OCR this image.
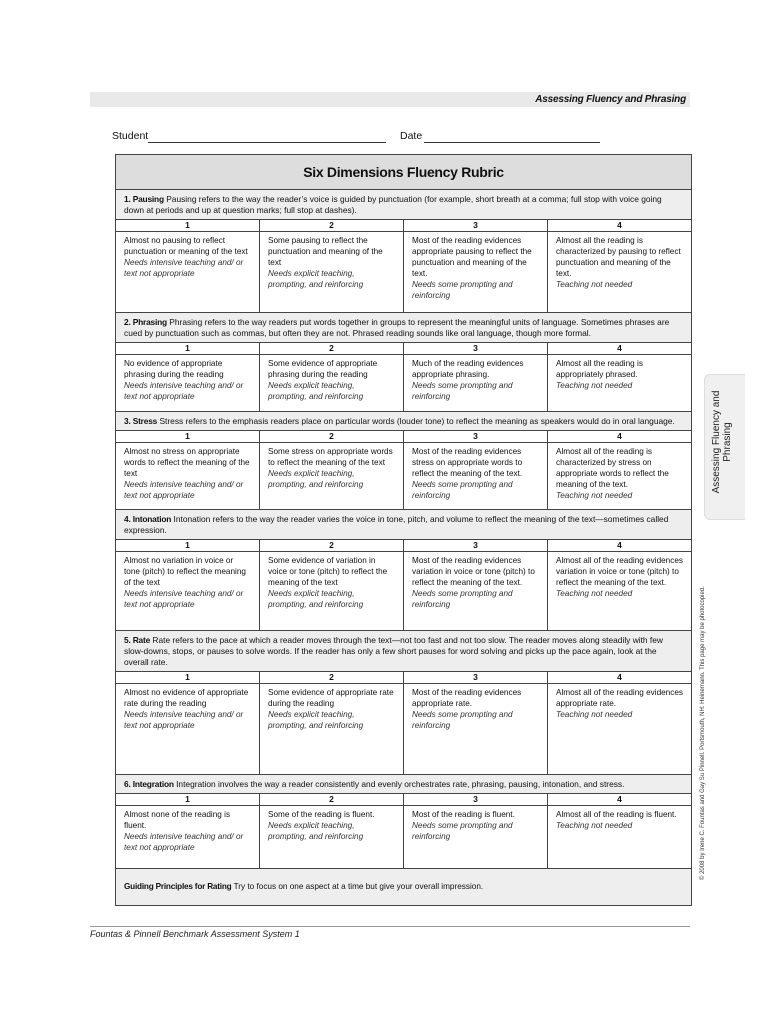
Assessing Fluency and Phrasing
Student	Date
Six Dimensions Fluency Rubric
1. Pausing Pausing refers to the way the reader’s voice is guided by punctuation (for example, short breath at a comma; full stop with voice going down at periods and up at question marks; full stop at dashes).
1
Almost no pausing to reflect punctuation or meaning of the text
Needs intensive teaching and/ or text not appropriate
2
Some pausing to reflect the punctuation and meaning of the text
Needs explicit teaching, prompting, and reinforcing
3
Most of the reading evidences appropriate pausing to reflect the punctuation and meaning of the text.
Needs some prompting and reinforcing
4
Almost all the reading is characterized by pausing to reflect punctuation and meaning of the text.
Teaching not needed
2. Phrasing Phrasing refers to the way readers put words together in groups to represent the meaningful units of language. Sometimes phrases are cued by punctuation such as commas, but often they are not. Phrased reading sounds like oral language, though more formal.
1
No evidence of appropriate phrasing during the reading
Needs intensive teaching and/ or text not appropriate
2
Some evidence of appropriate phrasing during the reading
Needs explicit teaching, prompting, and reinforcing
3
Much of the reading evidences appropriate phrasing.
Needs some prompting and reinforcing
4
Almost all the reading is appropriately phrased.
Teaching not needed
3. Stress Stress refers to the emphasis readers place on particular words (louder tone) to reflect the meaning as speakers would do in oral language.
1
Almost no stress on appropriate words to reflect the meaning of the text
Needs intensive teaching and/ or text not appropriate
2
Some stress on appropriate words to reflect the meaning of the text
Needs explicit teaching, prompting, and reinforcing
3
Most of the reading evidences stress on appropriate words to reflect the meaning of the text.
Needs some prompting and reinforcing
4
Almost all of the reading is characterized by stress on appropriate words to reflect the meaning of the text.
Teaching not needed
4. Intonation Intonation refers to the way the reader varies the voice in tone, pitch, and volume to reflect the meaning of the text—sometimes called expression.
1
Almost no variation in voice or tone (pitch) to reflect the meaning of the text
Needs intensive teaching and/ or text not appropriate
2
Some evidence of variation in voice or tone (pitch) to reflect the meaning of the text
Needs explicit teaching, prompting, and reinforcing
3
Most of the reading evidences variation in voice or tone (pitch) to reflect the meaning of the text.
Needs some prompting and reinforcing
4
Almost all of the reading evidences variation in voice or tone (pitch) to reflect the meaning of the text.
Teaching not needed
5. Rate Rate refers to the pace at which a reader moves through the text—not too fast and not too slow. The reader moves along steadily with few slow-downs, stops, or pauses to solve words. If the reader has only a few short pauses for word solving and picks up the pace again, look at the overall rate.
1
Almost no evidence of appropriate rate during the reading
Needs intensive teaching and/ or text not appropriate
2
Some evidence of appropriate rate during the reading
Needs explicit teaching, prompting, and reinforcing
3
Most of the reading evidences appropriate rate.
Needs some prompting and reinforcing
4
Almost all of the reading evidences appropriate rate.
Teaching not needed
6. Integration Integration involves the way a reader consistently and evenly orchestrates rate, phrasing, pausing, intonation, and stress.
1
Almost none of the reading is fluent.
Needs intensive teaching and/ or text not appropriate
2
Some of the reading is fluent.
Needs explicit teaching, prompting, and reinforcing
3
Most of the reading is fluent.
Needs some prompting and reinforcing
4
Almost all of the reading is fluent.
Teaching not needed
Guiding Principles for Rating Try to focus on one aspect at a time but give your overall impression.
Fountas & Pinnell Benchmark Assessment System 1
Assessing Fluency and Phrasing
© 2008 by Irene C. Fountas and Gay Su Pinnell. Portsmouth, NH: Heinemann. This page may be photocopied.
